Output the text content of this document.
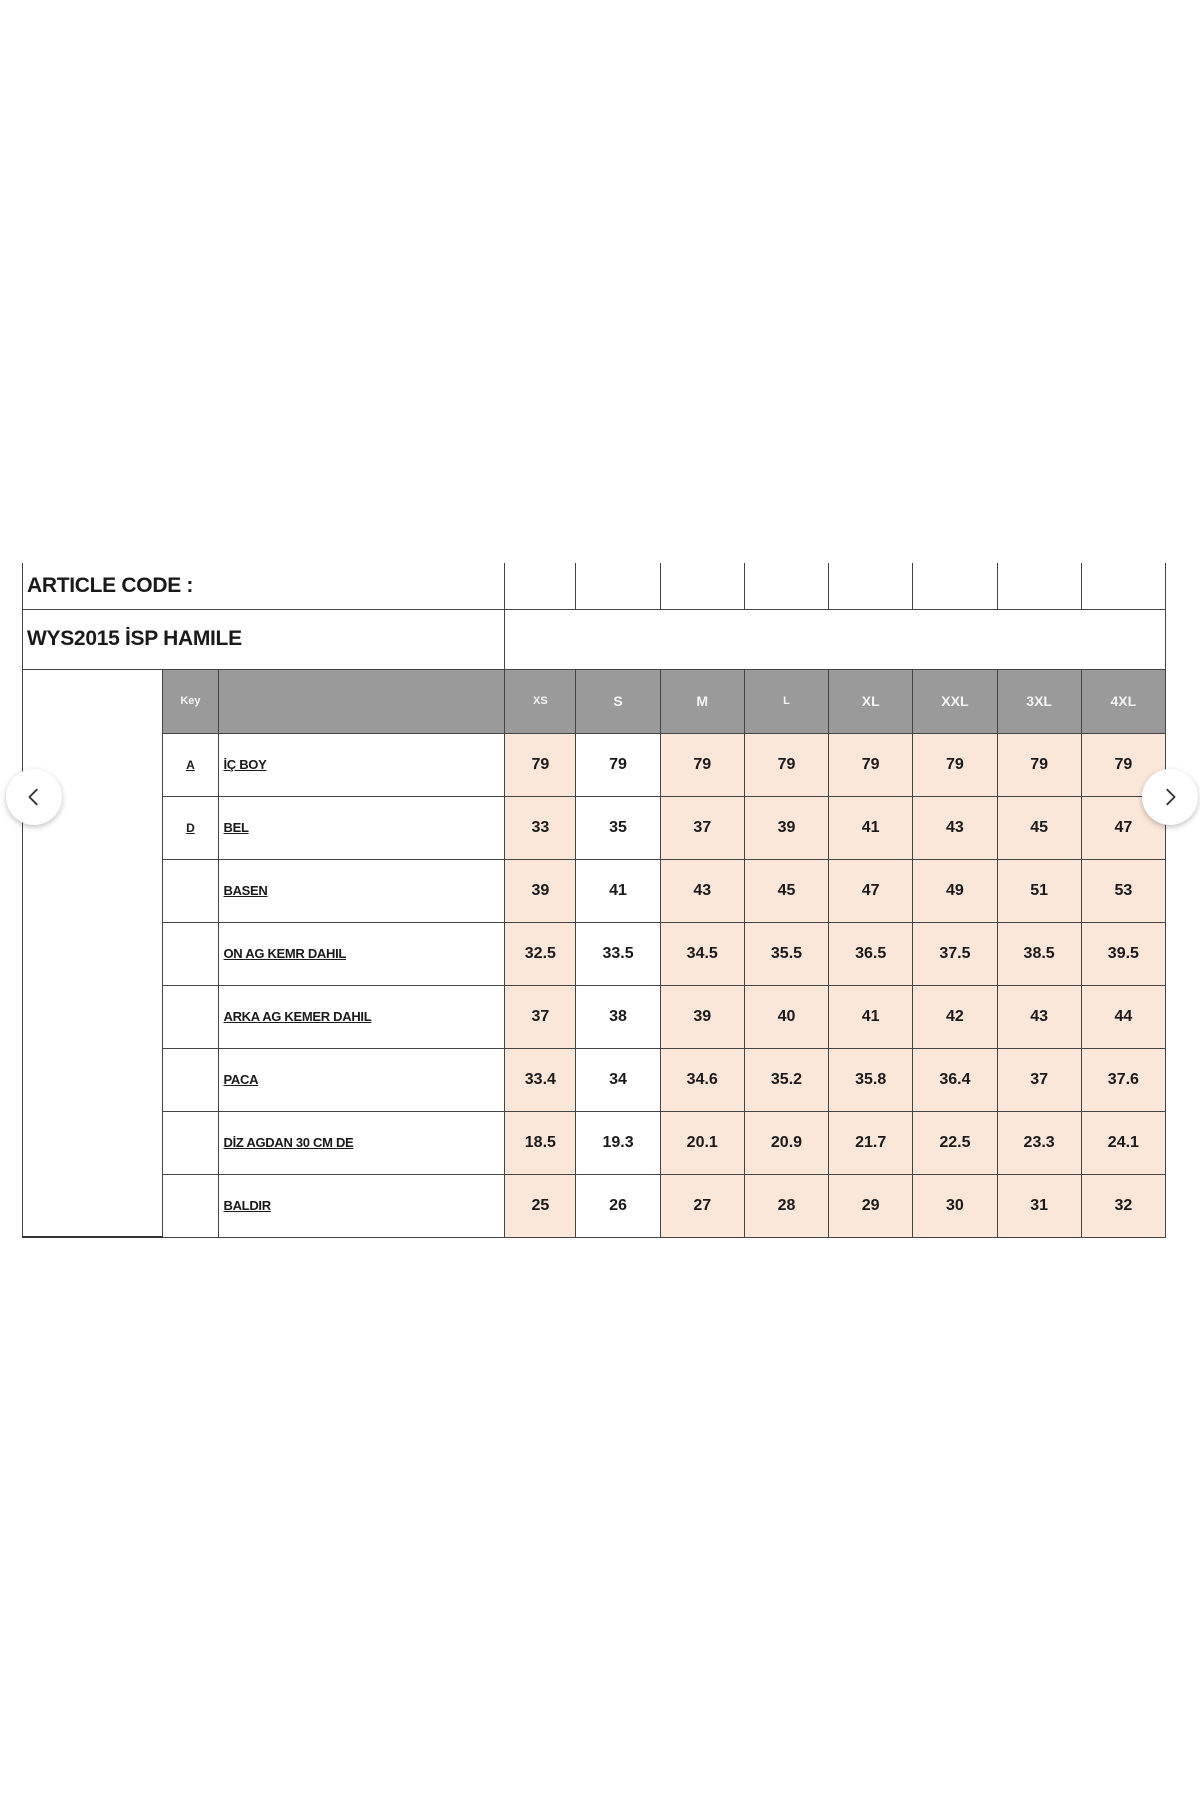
ARTICLE CODE :										
WYS2015 İSP HAMILE										
	Key		XS	S	M	L	XL	XXL	3XL	4XL
	A	İÇ BOY	79	79	79	79	79	79	79	79
	D	BEL	33	35	37	39	41	43	45	47
		BASEN	39	41	43	45	47	49	51	53
		ON AG KEMR DAHIL	32.5	33.5	34.5	35.5	36.5	37.5	38.5	39.5
		ARKA AG KEMER DAHIL	37	38	39	40	41	42	43	44
		PACA	33.4	34	34.6	35.2	35.8	36.4	37	37.6
		DİZ AGDAN 30 CM DE	18.5	19.3	20.1	20.9	21.7	22.5	23.3	24.1
		BALDIR	25	26	27	28	29	30	31	32
